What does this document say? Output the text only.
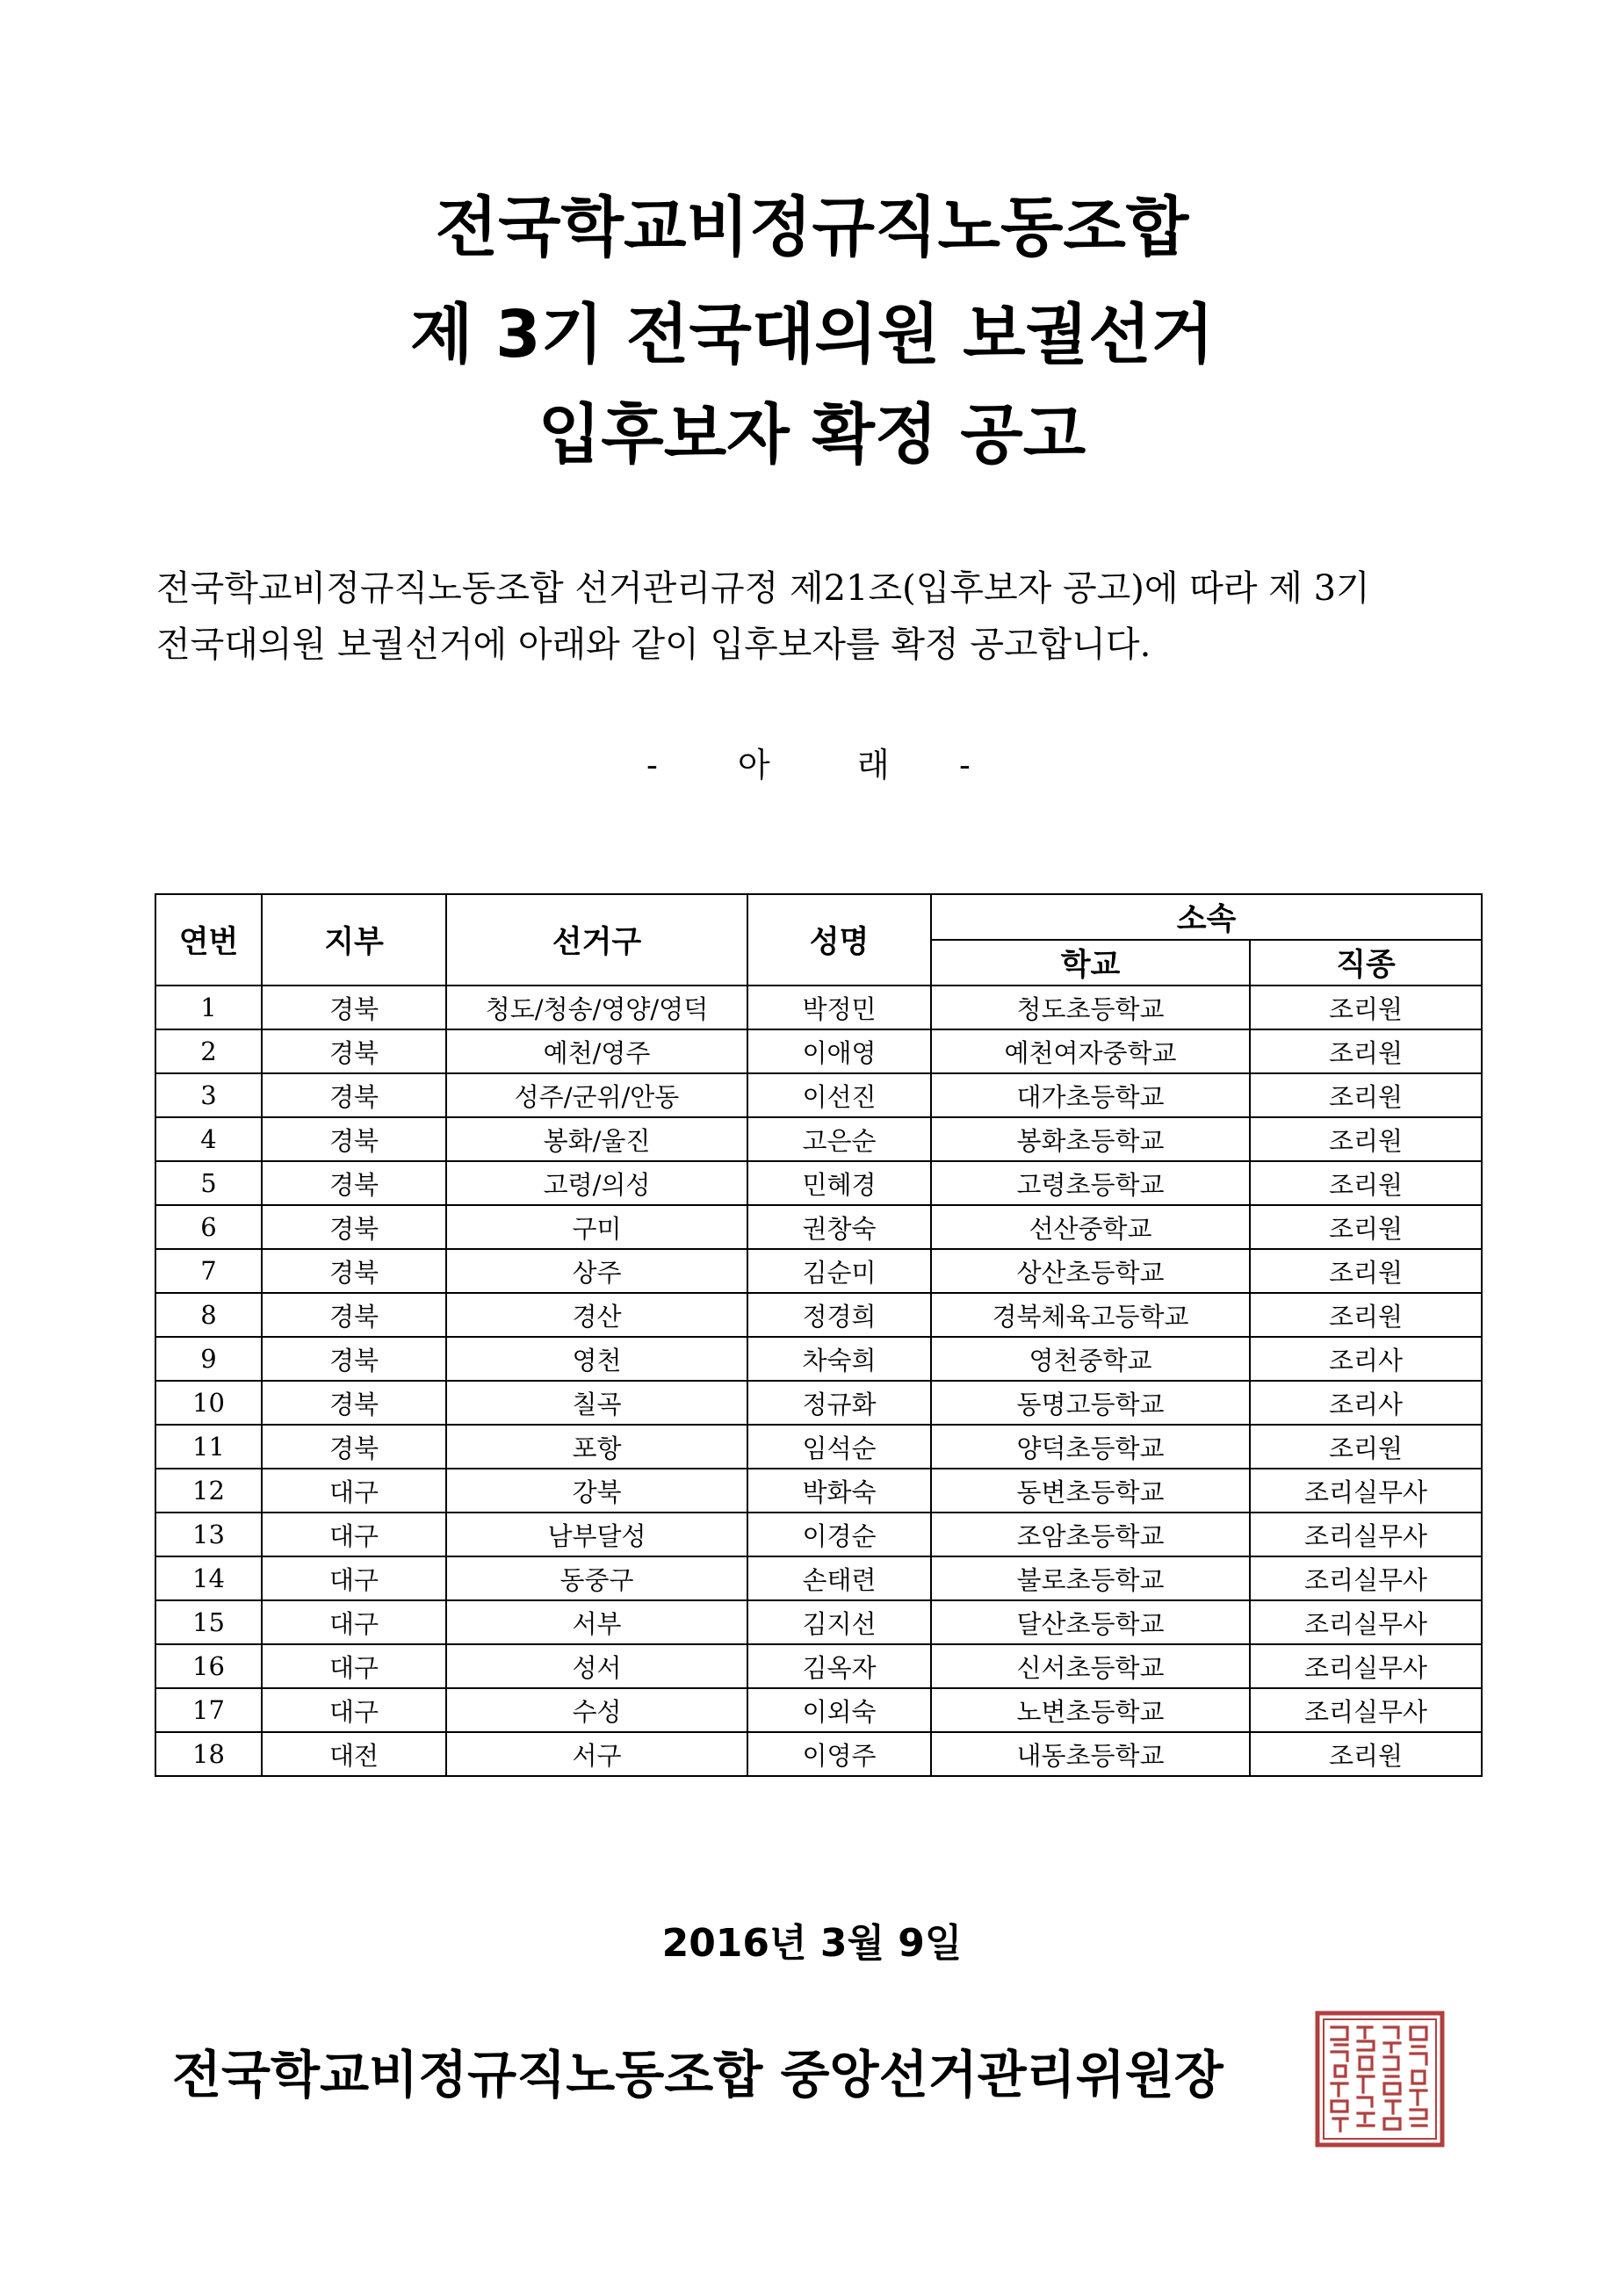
전국학교비정규직노동조합
제 3기 전국대의원 보궐선거
입후보자 확정 공고
전국학교비정규직노동조합 선거관리규정 제21조(입후보자 공고)에 따라 제 3기
전국대의원 보궐선거에 아래와 같이 입후보자를 확정 공고합니다.
- 아	래 -
연번	지부	선거구	성명	소속	
				학교	직종
1	경북	청도/청송/영양/영덕	박정민	청도초등학교	조리원
2	경북	예천/영주	이애영	예천여자중학교	조리원
3	경북	성주/군위/안동	이선진	대가초등학교	조리원
4	경북	봉화/울진	고은순	봉화초등학교	조리원
5	경북	고령/의성	민혜경	고령초등학교	조리원
6	경북	구미	권창숙	선산중학교	조리원
7	경북	상주	김순미	상산초등학교	조리원
8	경북	경산	정경희	경북체육고등학교	조리원
9	경북	영천	차숙희	영천중학교	조리사
10	경북	칠곡	정규화	동명고등학교	조리사
11	경북	포항	임석순	양덕초등학교	조리원
12	대구	강북	박화숙	동변초등학교	조리실무사
13	대구	남부달성	이경순	조암초등학교	조리실무사
14	대구	동중구	손태련	불로초등학교	조리실무사
15	대구	서부	김지선	달산초등학교	조리실무사
16	대구	성서	김옥자	신서초등학교	조리실무사
17	대구	수성	이외숙	노변초등학교	조리실무사
18	대전	서구	이영주	내동초등학교	조리원
2016년 3월 9일
전국학교비정규직노동조합 중앙선거관리위원장
